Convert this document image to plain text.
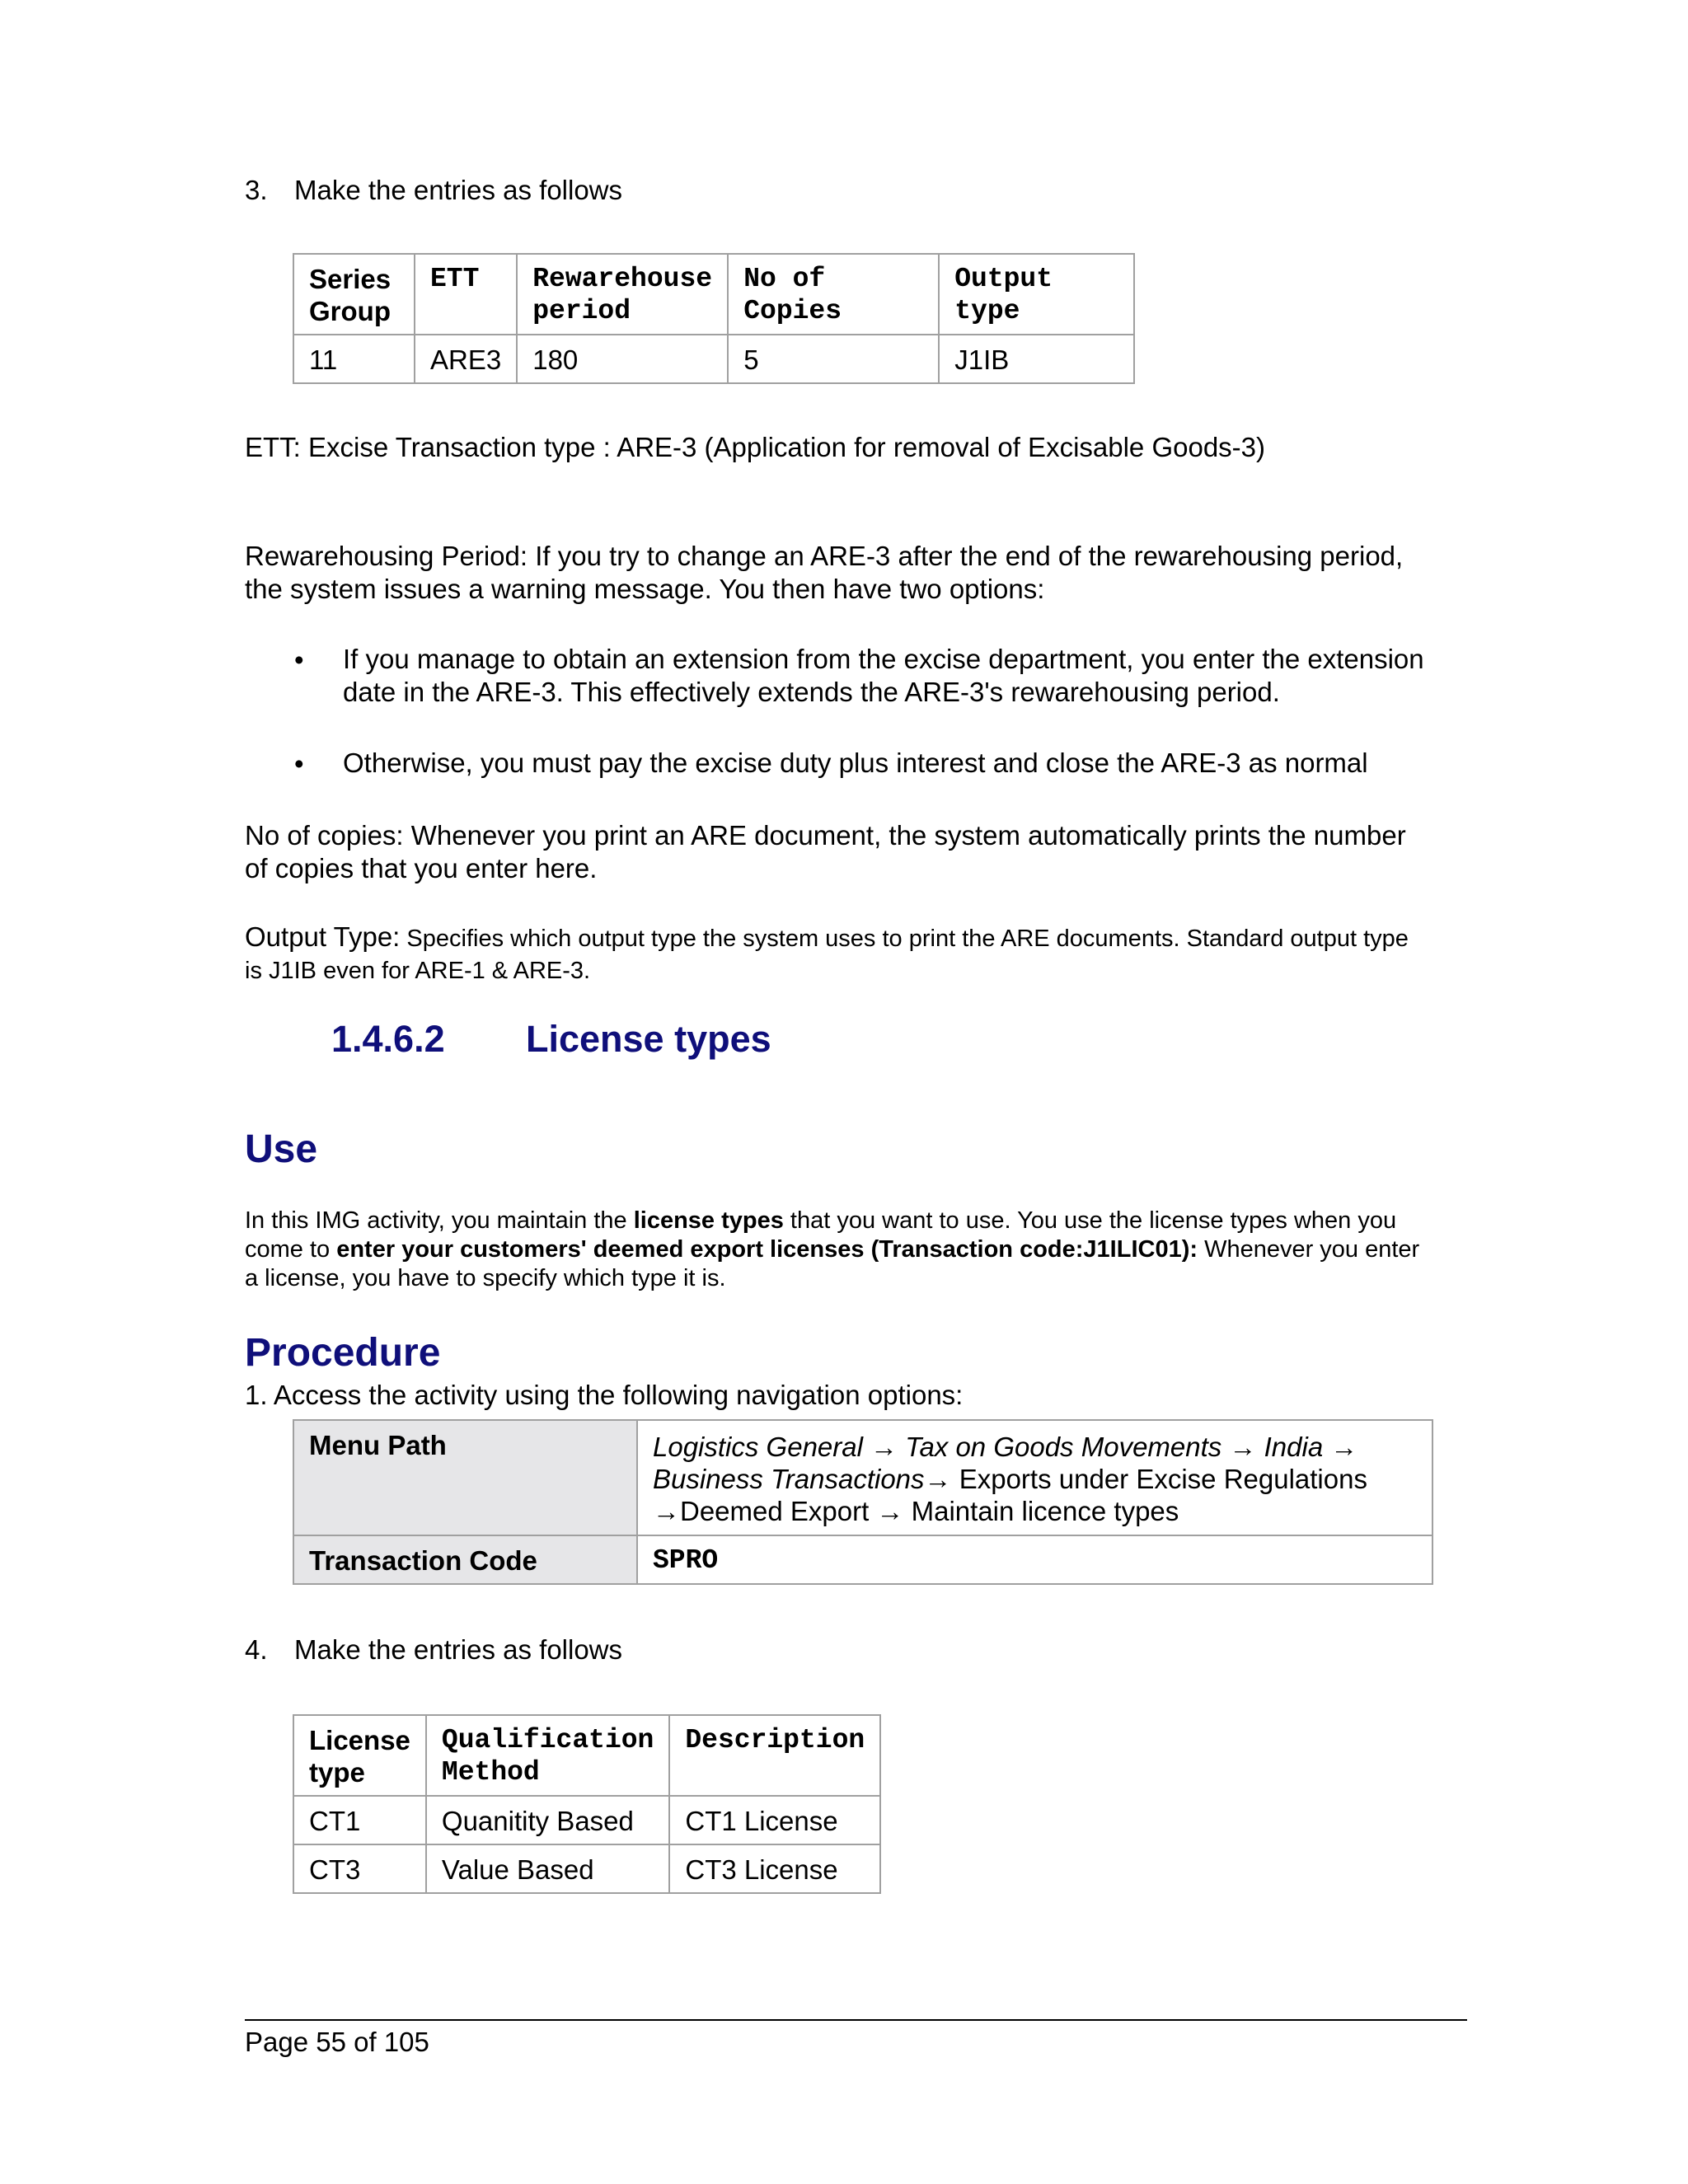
3. Make the entries as follows
Series Group	ETT	Rewarehouse period	No of Copies	Output type
11	ARE3	180	5	J1IB
ETT: Excise Transaction type : ARE-3 (Application for removal of Excisable Goods-3)
Rewarehousing Period: If you try to change an ARE-3 after the end of the rewarehousing period, the system issues a warning message. You then have two options:
• If you manage to obtain an extension from the excise department, you enter the extension date in the ARE-3. This effectively extends the ARE-3's rewarehousing period.
• Otherwise, you must pay the excise duty plus interest and close the ARE-3 as normal
No of copies: Whenever you print an ARE document, the system automatically prints the number of copies that you enter here.
Output Type: Specifies which output type the system uses to print the ARE documents. Standard output type is J1IB even for ARE-1 & ARE-3.
1.4.6.2 License types
Use
In this IMG activity, you maintain the license types that you want to use. You use the license types when you come to enter your customers' deemed export licenses (Transaction code:J1ILIC01): Whenever you enter a license, you have to specify which type it is.
Procedure
1. Access the activity using the following navigation options:
Menu Path	Logistics General → Tax on Goods Movements → India →
Business Transactions→ Exports under Excise Regulations
→Deemed Export → Maintain licence types
Transaction Code	SPRO
4. Make the entries as follows
License type	Qualification Method	Description
CT1	Quanitity Based	CT1 License
CT3	Value Based	CT3 License
Page 55 of 105
